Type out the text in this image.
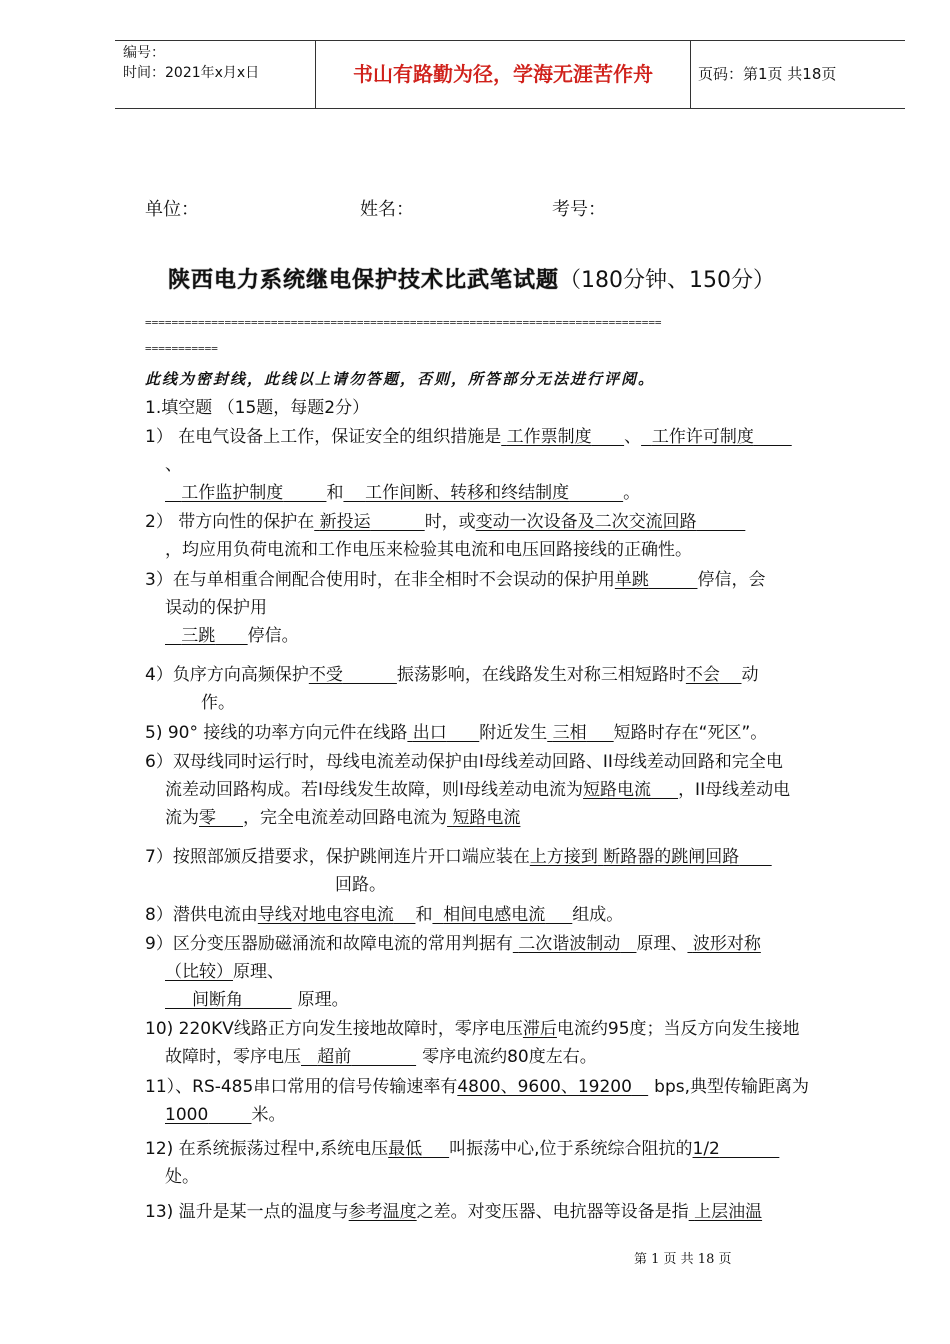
编号：
时间：2021年x月x日	书山有路勤为径，学海无涯苦作舟	页码：第1页 共18页
单位：	姓名：	考号：
陕西电力系统继电保护技术比武笔试题（180分钟、150分）
==============================================================================
===========
此线为密封线，此线以上请勿答题，否则，所答部分无法进行评阅。
1.填空题 （15题，每题2分）
1） 在电气设备上工作，保证安全的组织措施是 工作票制度 、 工作许可制度
、
工作监护制度	和 工作间断、转移和终结制度	。
2） 带方向性的保护在 新投运	时，或变动一次设备及二次交流回路
，均应用负荷电流和工作电压来检验其电流和电压回路接线的正确性。
3）在与单相重合闸配合使用时，在非全相时不会误动的保护用单跳	停信，会
误动的保护用
三跳 停信。
4）负序方向高频保护不受	振荡影响，在线路发生对称三相短路时不会 动
作。
5) 90° 接线的功率方向元件在线路 出口 附近发生 三相 短路时存在“死区”。
6）双母线同时运行时，母线电流差动保护由I母线差动回路、II母线差动回路和完全电
流差动回路构成。若I母线发生故障，则I母线差动电流为短路电流 ，II母线差动电
流为零 ，完全电流差动回路电流为 短路电流
7）按照部颁反措要求，保护跳闸连片开口端应装在上方接到 断路器的跳闸回路
回路。
8）潜供电流由导线对地电容电流 和 相间电感电流 组成。
9）区分变压器励磁涌流和故障电流的常用判据有 二次谐波制动 原理、 波形对称
（比较）原理、
间断角	原理。
10) 220KV线路正方向发生接地故障时，零序电压滞后电流约95度；当反方向发生接地
故障时，零序电压 超前	零序电流约80度左右。
11）、RS-485串口常用的信号传输速率有4800、9600、19200 bps,典型传输距离为
1000	米。
12) 在系统振荡过程中,系统电压最低 叫振荡中心,位于系统综合阻抗的1/2
处。
13) 温升是某一点的温度与参考温度之差。对变压器、电抗器等设备是指 上层油温
第 1 页 共 18 页
